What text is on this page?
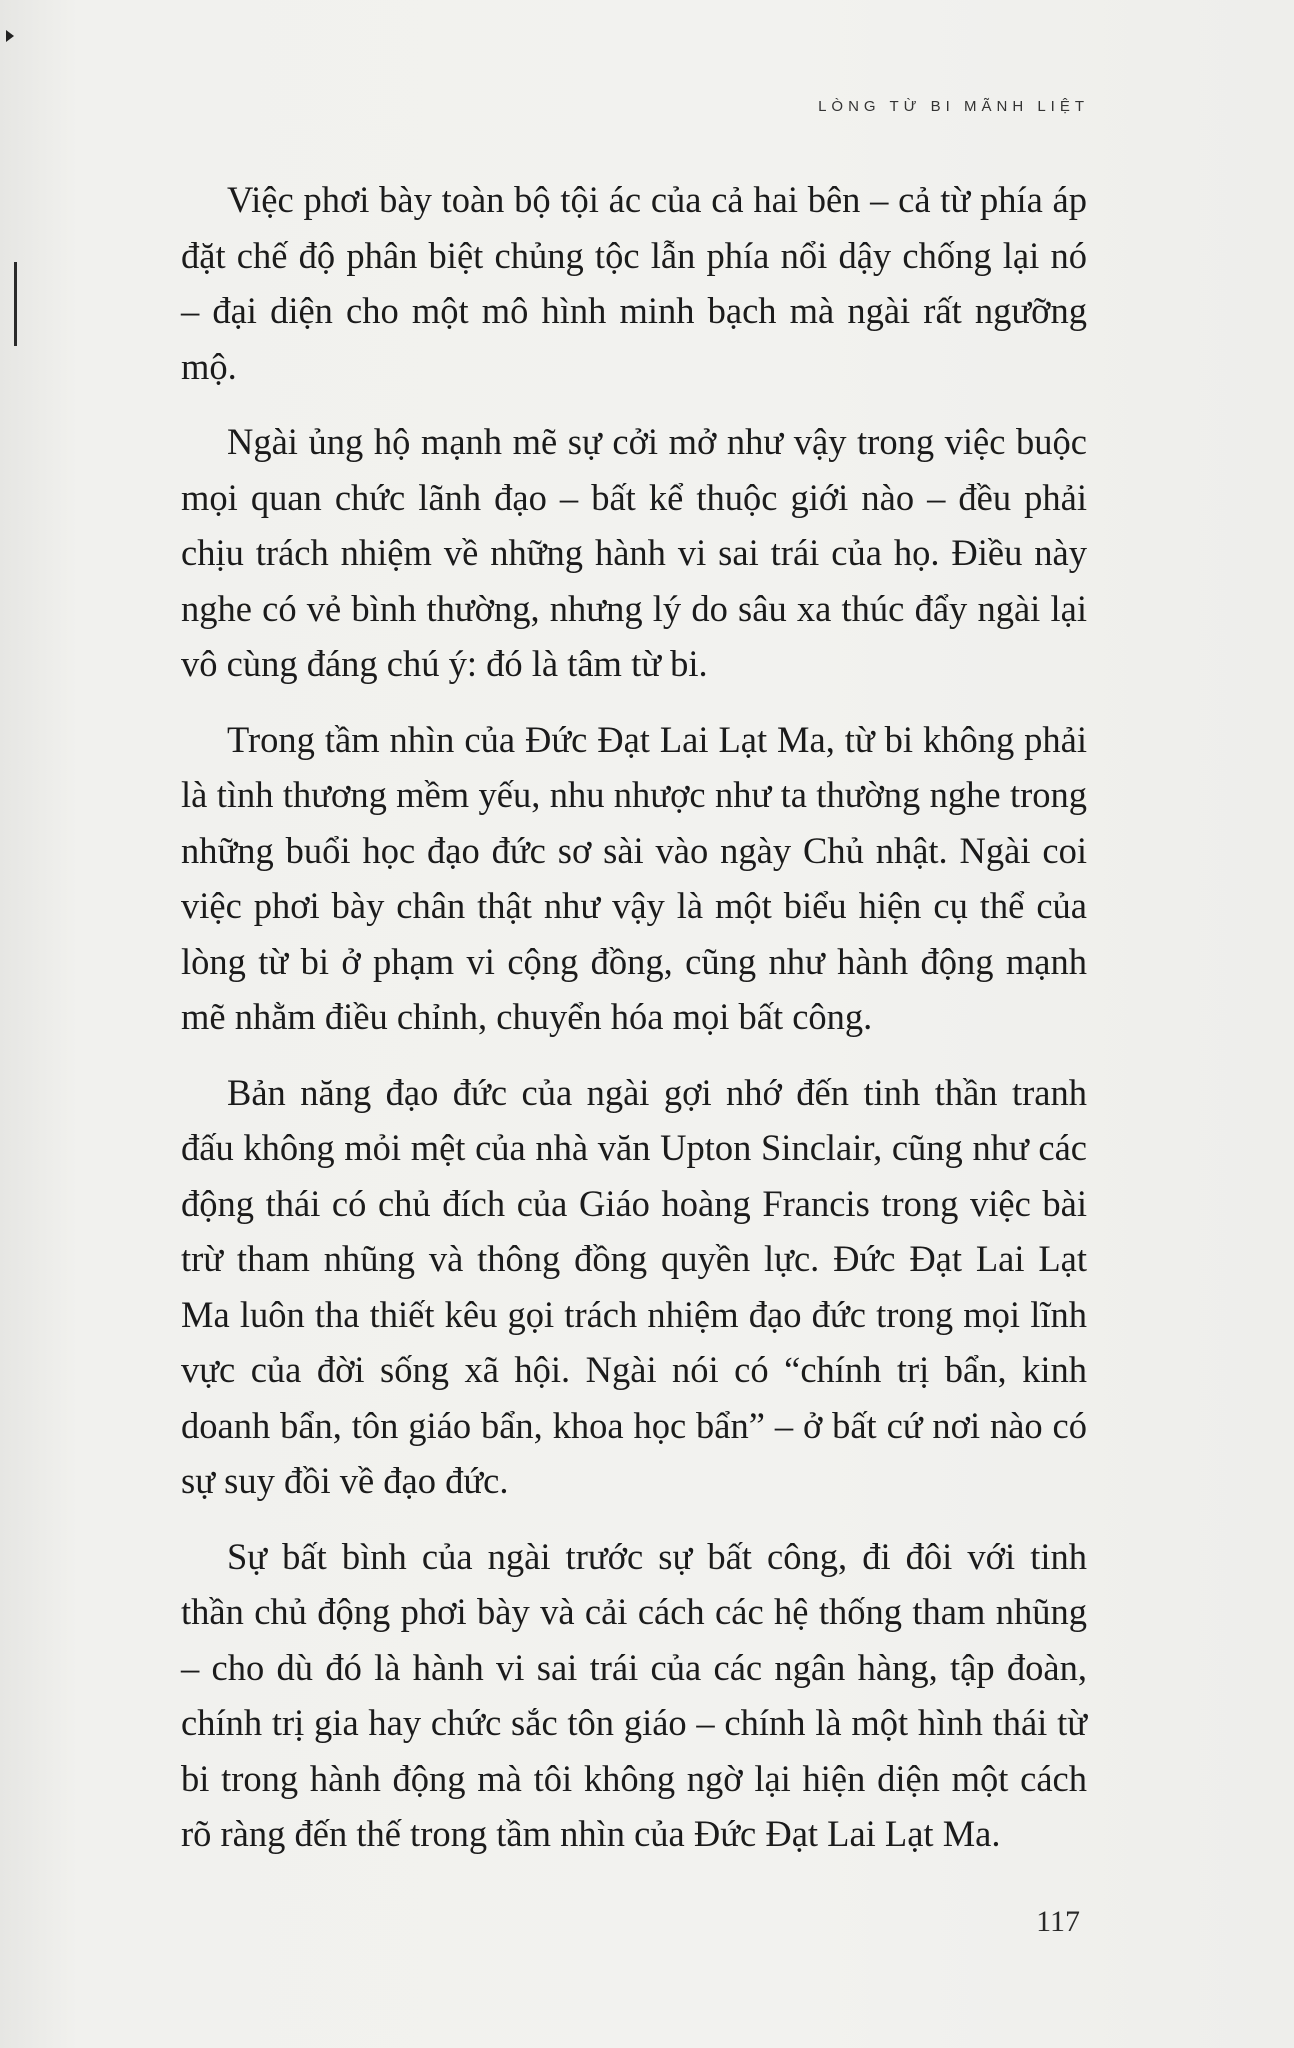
LÒNG TỪ BI MÃNH LIỆT

Việc phơi bày toàn bộ tội ác của cả hai bên – cả từ phía áp đặt chế độ phân biệt chủng tộc lẫn phía nổi dậy chống lại nó – đại diện cho một mô hình minh bạch mà ngài rất ngưỡng mộ.

Ngài ủng hộ mạnh mẽ sự cởi mở như vậy trong việc buộc mọi quan chức lãnh đạo – bất kể thuộc giới nào – đều phải chịu trách nhiệm về những hành vi sai trái của họ. Điều này nghe có vẻ bình thường, nhưng lý do sâu xa thúc đẩy ngài lại vô cùng đáng chú ý: đó là tâm từ bi.

Trong tầm nhìn của Đức Đạt Lai Lạt Ma, từ bi không phải là tình thương mềm yếu, nhu nhược như ta thường nghe trong những buổi học đạo đức sơ sài vào ngày Chủ nhật. Ngài coi việc phơi bày chân thật như vậy là một biểu hiện cụ thể của lòng từ bi ở phạm vi cộng đồng, cũng như hành động mạnh mẽ nhằm điều chỉnh, chuyển hóa mọi bất công.

Bản năng đạo đức của ngài gợi nhớ đến tinh thần tranh đấu không mỏi mệt của nhà văn Upton Sinclair, cũng như các động thái có chủ đích của Giáo hoàng Francis trong việc bài trừ tham nhũng và thông đồng quyền lực. Đức Đạt Lai Lạt Ma luôn tha thiết kêu gọi trách nhiệm đạo đức trong mọi lĩnh vực của đời sống xã hội. Ngài nói có “chính trị bẩn, kinh doanh bẩn, tôn giáo bẩn, khoa học bẩn” – ở bất cứ nơi nào có sự suy đồi về đạo đức.

Sự bất bình của ngài trước sự bất công, đi đôi với tinh thần chủ động phơi bày và cải cách các hệ thống tham nhũng – cho dù đó là hành vi sai trái của các ngân hàng, tập đoàn, chính trị gia hay chức sắc tôn giáo – chính là một hình thái từ bi trong hành động mà tôi không ngờ lại hiện diện một cách rõ ràng đến thế trong tầm nhìn của Đức Đạt Lai Lạt Ma.

117
